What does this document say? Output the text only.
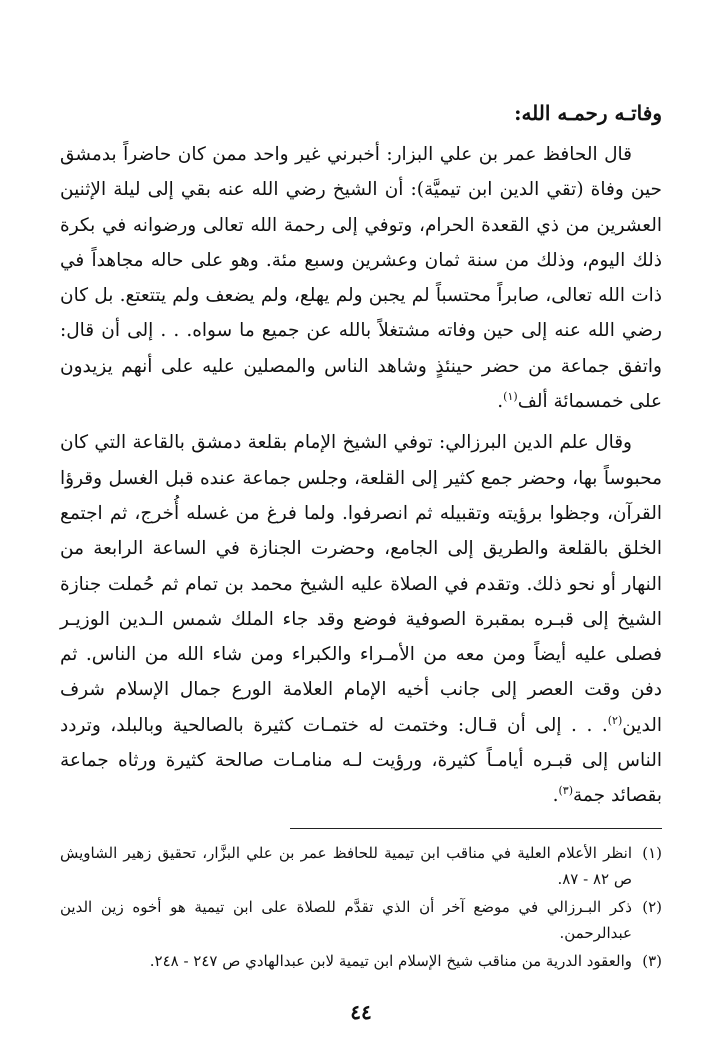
وفاتـه رحمـه الله:

قال الحافظ عمر بن علي البزار: أخبرني غير واحد ممن كان حاضراً بدمشق حين وفاة (تقي الدين ابن تيميَّة): أن الشيخ رضي الله عنه بقي إلى ليلة الإثنين العشرين من ذي القعدة الحرام، وتوفي إلى رحمة الله تعالى ورضوانه في بكرة ذلك اليوم، وذلك من سنة ثمان وعشرين وسبع مئة. وهو على حاله مجاهداً في ذات الله تعالى، صابراً محتسباً لم يجبن ولم يهلع، ولم يضعف ولم يتتعتع. بل كان رضي الله عنه إلى حين وفاته مشتغلاً بالله عن جميع ما سواه. . . إلى أن قال: واتفق جماعة من حضر حينئذٍ وشاهد الناس والمصلين عليه على أنهم يزيدون على خمسمائة ألف$^{(١)}$.

وقال علم الدين البرزالي: توفي الشيخ الإمام بقلعة دمشق بالقاعة التي كان محبوساً بها، وحضر جمع كثير إلى القلعة، وجلس جماعة عنده قبل الغسل وقرؤا القرآن، وجظوا برؤيته وتقبيله ثم انصرفوا. ولما فرغ من غسله أُخرج، ثم اجتمع الخلق بالقلعة والطريق إلى الجامع، وحضرت الجنازة في الساعة الرابعة من النهار أو نحو ذلك. وتقدم في الصلاة عليه الشيخ محمد بن تمام ثم حُملت جنازة الشيخ إلى قبـره بمقبرة الصوفية فوضع وقد جاء الملك شمس الـدين الوزيـر فصلى عليه أيضاً ومن معه من الأمـراء والكبراء ومن شاء الله من الناس. ثم دفن وقت العصر إلى جانب أخيه الإمام العلامة الورع جمال الإسلام شرف الدين$^{(٢)}$. . . إلى أن قـال: وختمت له ختمـات كثيرة بالصالحية وبالبلد، وتردد الناس إلى قبـره أيامـاً كثيرة، ورؤيت لـه منامـات صالحة كثيرة ورثاه جماعة بقصائد جمة$^{(٣)}$.

(١)انظر الأعلام العلية في مناقب ابن تيمية للحافظ عمر بن علي البزَّار، تحقيق زهير الشاويش ص ٨٢ - ٨٧.

(٢)ذكر البـرزالي في موضع آخر أن الذي تقدَّم للصلاة على ابن تيمية هو أخوه زين الدين عبدالرحمن.

(٣)والعقود الدرية من مناقب شيخ الإسلام ابن تيمية لابن عبدالهادي ص ٢٤٧ - ٢٤٨.

٤٤
